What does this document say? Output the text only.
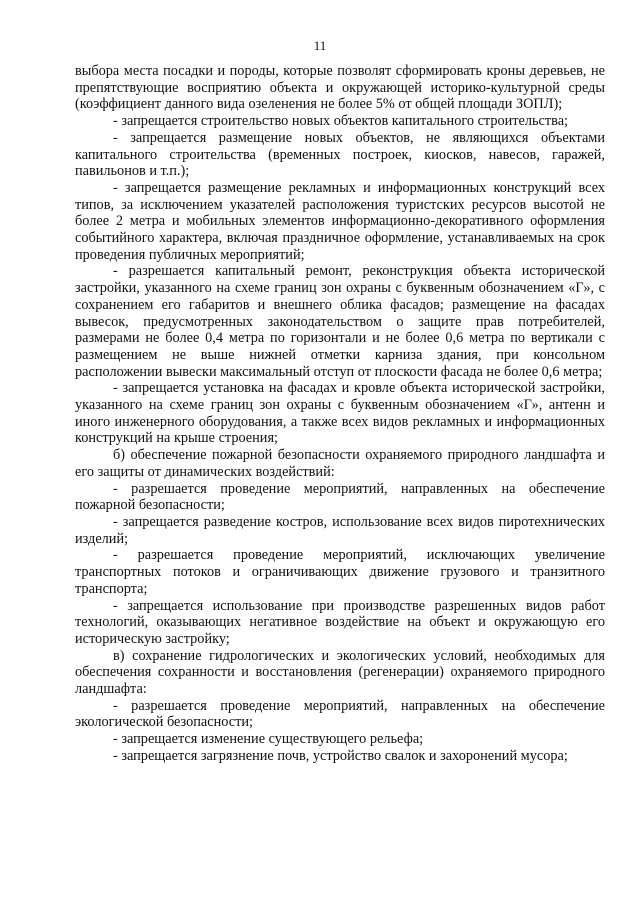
11

выбора места посадки и породы, которые позволят сформировать кроны деревьев, не препятствующие восприятию объекта и окружающей историко-культурной среды (коэффициент данного вида озеленения не более 5% от общей площади ЗОПЛ);

- запрещается строительство новых объектов капитального строительства;

- запрещается размещение новых объектов, не являющихся объектами капитального строительства (временных построек, киосков, навесов, гаражей, павильонов и т.п.);

- запрещается размещение рекламных и информационных конструкций всех типов, за исключением указателей расположения туристских ресурсов высотой не более 2 метра и мобильных элементов информационно-декоративного оформления событийного характера, включая праздничное оформление, устанавливаемых на срок проведения публичных мероприятий;

- разрешается капитальный ремонт, реконструкция объекта исторической застройки, указанного на схеме границ зон охраны с буквенным обозначением «Г», с сохранением его габаритов и внешнего облика фасадов; размещение на фасадах вывесок, предусмотренных законодательством о защите прав потребителей, размерами не более 0,4 метра по горизонтали и не более 0,6 метра по вертикали с размещением не выше нижней отметки карниза здания, при консольном расположении вывески максимальный отступ от плоскости фасада не более 0,6 метра;

- запрещается установка на фасадах и кровле объекта исторической застройки, указанного на схеме границ зон охраны с буквенным обозначением «Г», антенн и иного инженерного оборудования, а также всех видов рекламных и информационных конструкций на крыше строения;

б) обеспечение пожарной безопасности охраняемого природного ландшафта и его защиты от динамических воздействий:

- разрешается проведение мероприятий, направленных на обеспечение пожарной безопасности;

- запрещается разведение костров, использование всех видов пиротехнических изделий;

- разрешается проведение мероприятий, исключающих увеличение транспортных потоков и ограничивающих движение грузового и транзитного транспорта;

- запрещается использование при производстве разрешенных видов работ технологий, оказывающих негативное воздействие на объект и окружающую его историческую застройку;

в) сохранение гидрологических и экологических условий, необходимых для обеспечения сохранности и восстановления (регенерации) охраняемого природного ландшафта:

- разрешается проведение мероприятий, направленных на обеспечение экологической безопасности;

- запрещается изменение существующего рельефа;

- запрещается загрязнение почв, устройство свалок и захоронений мусора;
